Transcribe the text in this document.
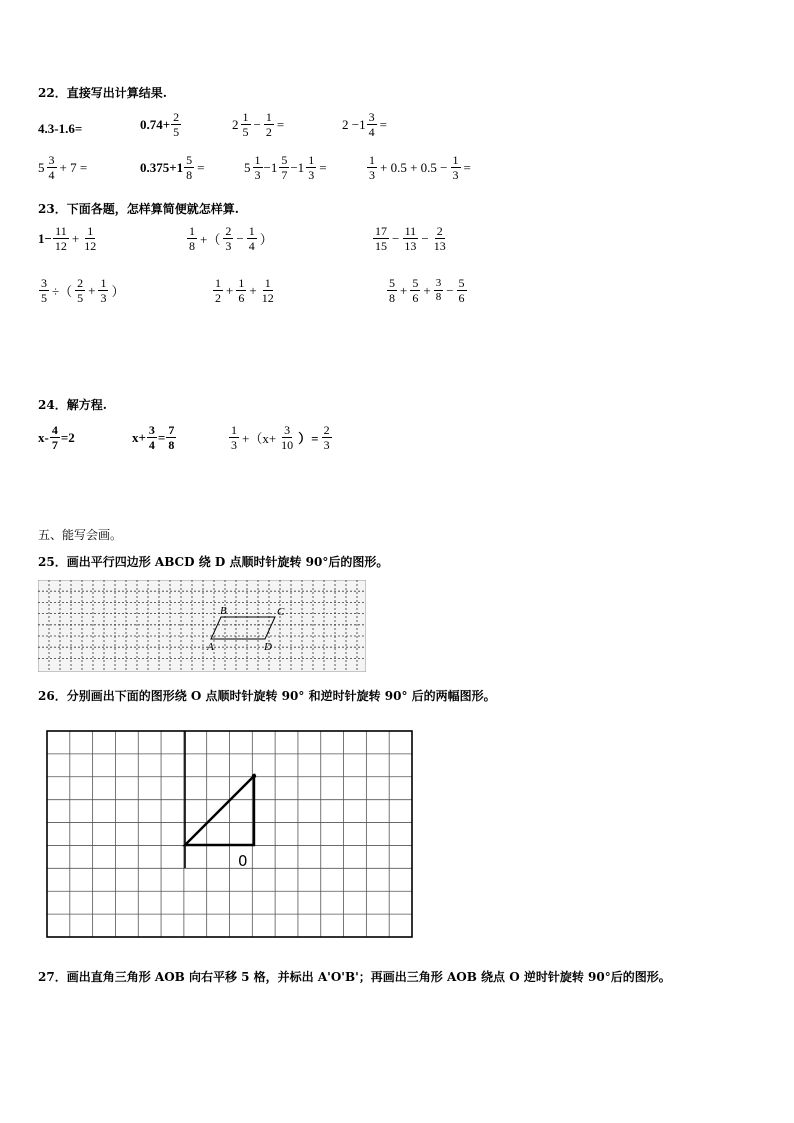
22．直接写出计算结果.
4.3-1.6=	$0.74+ \frac{2}{5}$	2 1
5
− $\frac{1}{2}$ =	$2 -1 \frac{3}{4}$ =
5 3
4
+ 7 =	$0.375+1 \frac{5}{8}$ =	5 1
3
−1 5
7
$-1 \frac{1}{3}$ =	1
3
+ $0.5 + 0.5 - \frac{1}{3}$ =
23．下面各题，怎样算简便就怎样算.
$1- \frac{11}{12} + \frac{1}{12}$	1
8 +（
2
3
− $\frac{1}{4}$ ）
17
15
− $\frac{11}{13} - \frac{2}{13}$
$\frac{3}{5}$ ÷（
2
5
+ $\frac{1}{3}$ ）
1
2
+ $\frac{1}{6} + \frac{1}{12}$	5
8
+ $\frac{5}{6} + \frac{3}{8} - \frac{5}{6}$
24．解方程.
$x- \frac{4}{7} =2$	$x+ \frac{3}{4} = \frac{7}{8}$	1
$3 +(x+ \frac{3}{10}$ ）= $\frac{2}{3}$
五、能写会画。
25．画出平行四边形 ABCD 绕 D 点顺时针旋转 90°后的图形。
B	C
A	D
26．分别画出下面的图形绕 O 点顺时针旋转 90° 和逆时针旋转 90° 后的两幅图形。
0
27．画出直角三角形 AOB 向右平移 5 格，并标出 A'O'B'；再画出三角形 AOB 绕点 O 逆时针旋转 90°后的图形。
